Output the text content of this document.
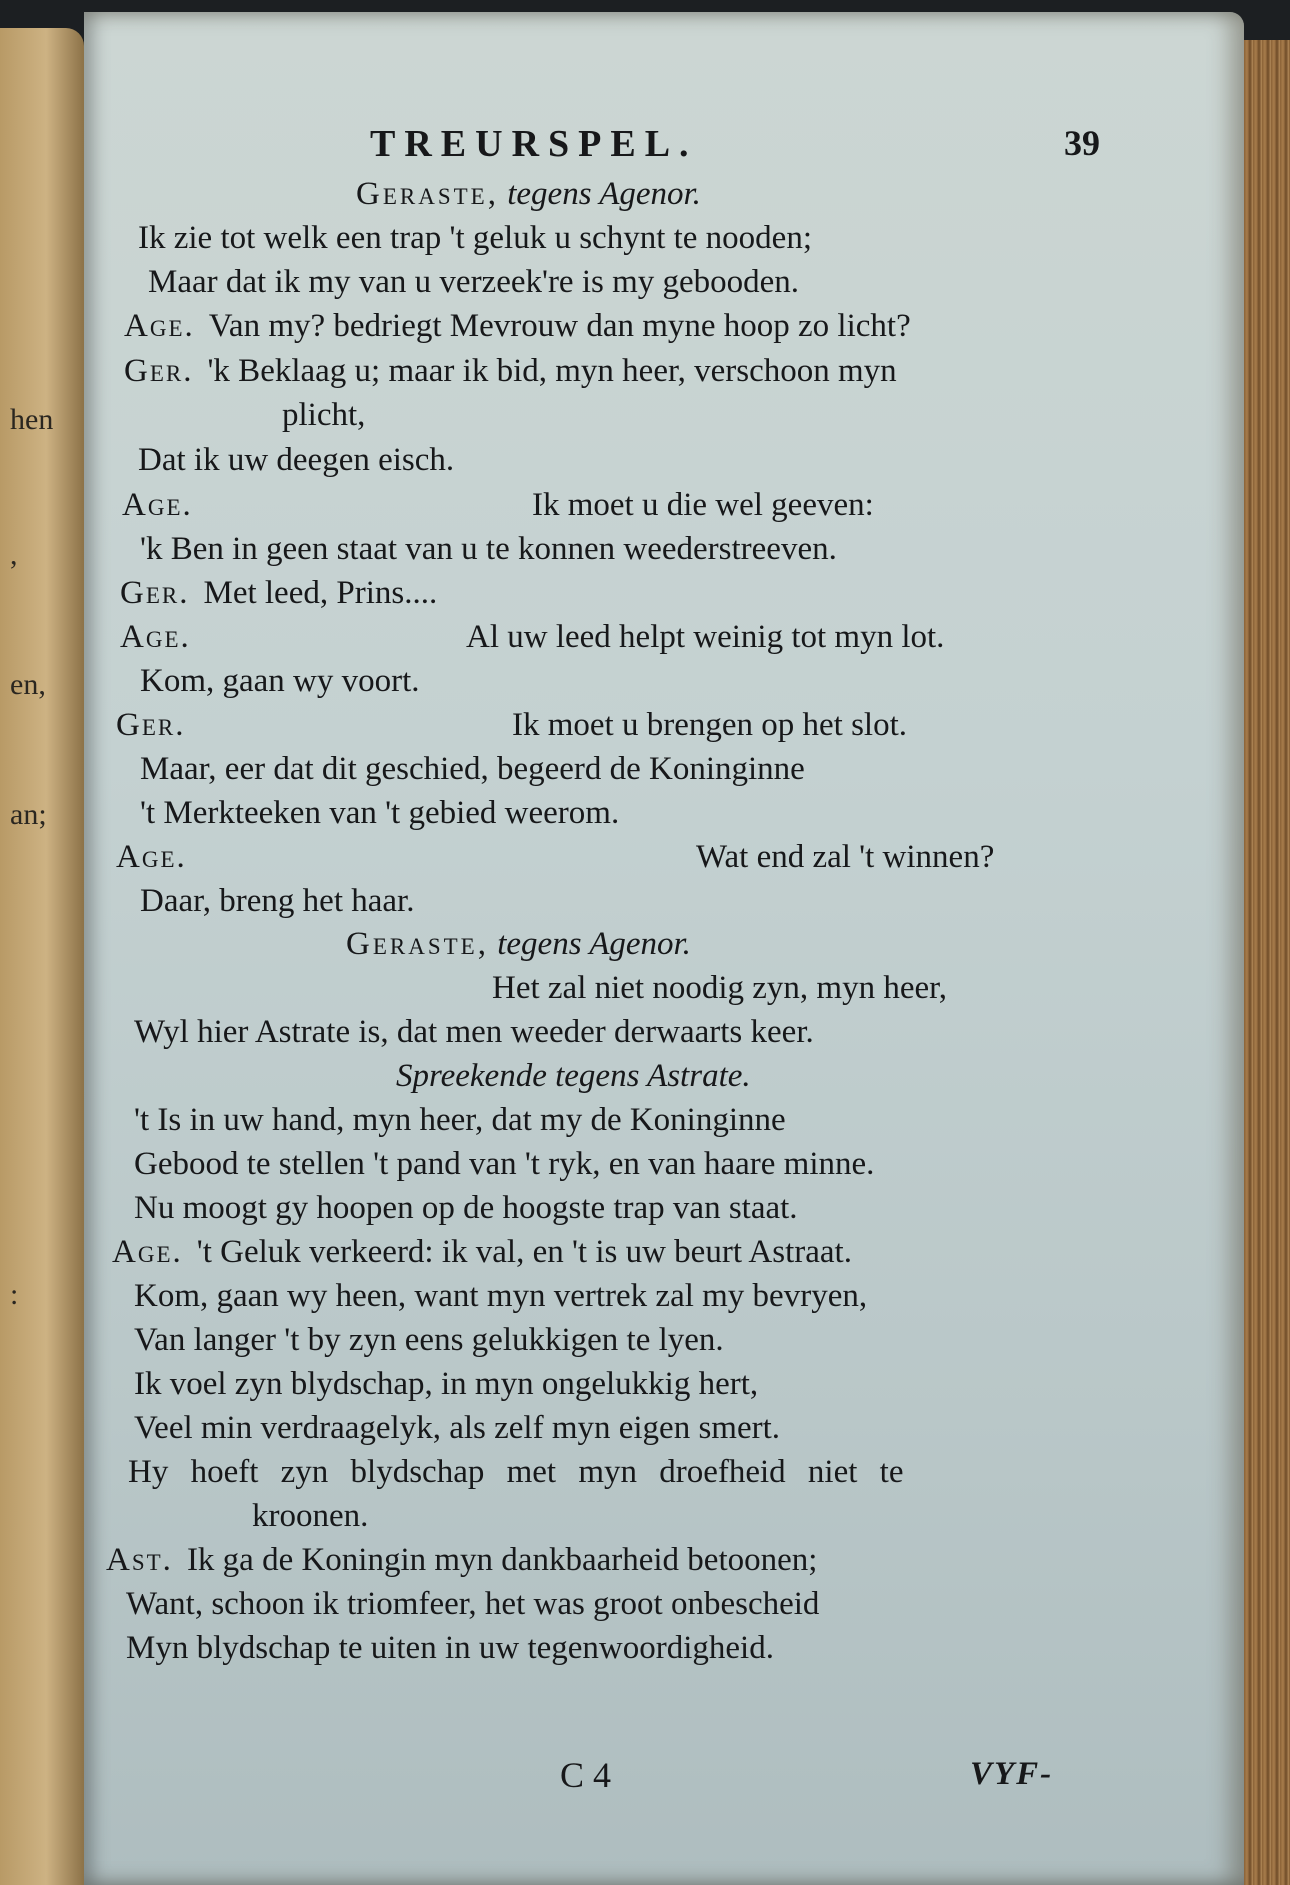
hen
,
en,
an;
:
TREURSPEL.	39
Geraste, tegens Agenor.
Ik zie tot welk een trap 't geluk u schynt te nooden;
Maar dat ik my van u verzeek're is my gebooden.
Age. Van my? bedriegt Mevrouw dan myne hoop zo licht?
Ger. 'k Beklaag u; maar ik bid, myn heer, verschoon myn
plicht,
Dat ik uw deegen eisch.
Age.	Ik moet u die wel geeven:
'k Ben in geen staat van u te konnen weederstreeven.
Ger. Met leed, Prins....
Age.	Al uw leed helpt weinig tot myn lot.
Kom, gaan wy voort.
Ger.	Ik moet u brengen op het slot.
Maar, eer dat dit geschied, begeerd de Koninginne
't Merkteeken van 't gebied weerom.
Age.	Wat end zal 't winnen?
Daar, breng het haar.
Geraste, tegens Agenor.
Het zal niet noodig zyn, myn heer,
Wyl hier Astrate is, dat men weeder derwaarts keer.
Spreekende tegens Astrate.
't Is in uw hand, myn heer, dat my de Koninginne
Gebood te stellen 't pand van 't ryk, en van haare minne.
Nu moogt gy hoopen op de hoogste trap van staat.
Age. 't Geluk verkeerd: ik val, en 't is uw beurt Astraat.
Kom, gaan wy heen, want myn vertrek zal my bevryen,
Van langer 't by zyn eens gelukkigen te lyen.
Ik voel zyn blydschap, in myn ongelukkig hert,
Veel min verdraagelyk, als zelf myn eigen smert.
Hy hoeft zyn blydschap met myn droefheid niet te
kroonen.
Ast. Ik ga de Koningin myn dankbaarheid betoonen;
Want, schoon ik triomfeer, het was groot onbescheid
Myn blydschap te uiten in uw tegenwoordigheid.
C 4	VYF-
